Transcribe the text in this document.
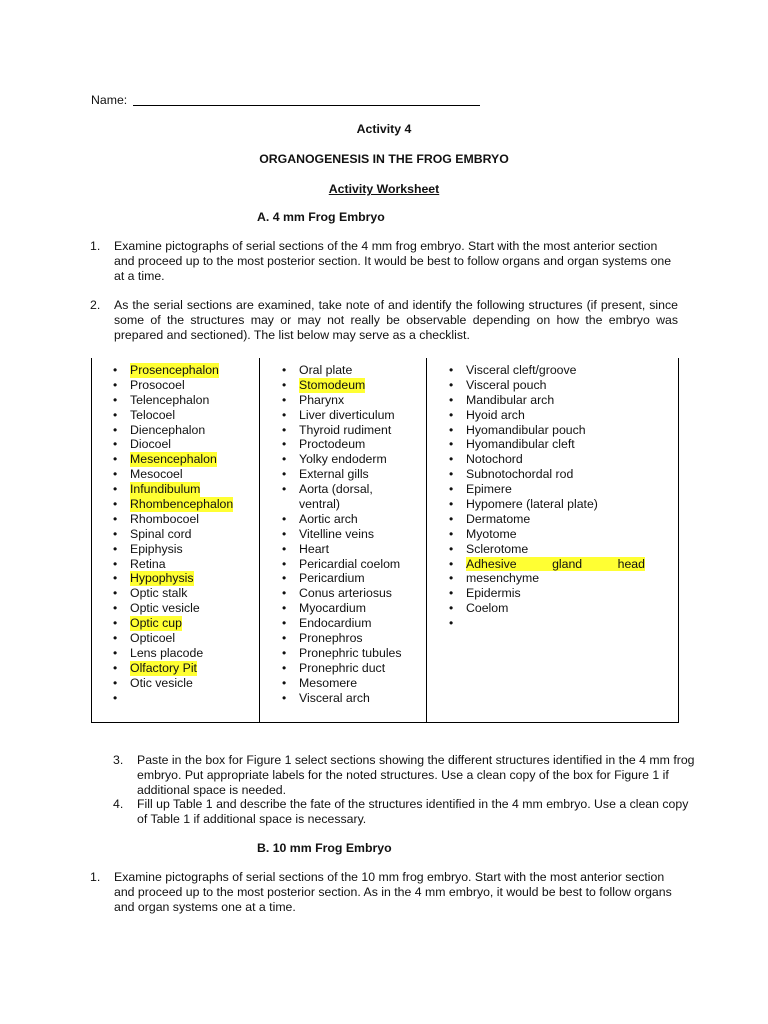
Name:
Activity 4
ORGANOGENESIS IN THE FROG EMBRYO
Activity Worksheet
A. 4 mm Frog Embryo
1. Examine pictographs of serial sections of the 4 mm frog embryo. Start with the most anterior section and proceed up to the most posterior section. It would be best to follow organs and organ systems one at a time.
2. As the serial sections are examined, take note of and identify the following structures (if present, since some of the structures may or may not really be observable depending on how the embryo was prepared and sectioned). The list below may serve as a checklist.
• Prosencephalon
• Prosocoel
• Telencephalon
• Telocoel
• Diencephalon
• Diocoel
• Mesencephalon
• Mesocoel
• Infundibulum
• Rhombencephalon
• Rhombocoel
• Spinal cord
• Epiphysis
• Retina
• Hypophysis
• Optic stalk
• Optic vesicle
• Optic cup
• Opticoel
• Lens placode
• Olfactory Pit
• Otic vesicle
•
• Oral plate
• Stomodeum
• Pharynx
• Liver diverticulum
• Thyroid rudiment
• Proctodeum
• Yolky endoderm
• External gills
• Aorta (dorsal,
ventral)
• Aortic arch
• Vitelline veins
• Heart
• Pericardial coelom
• Pericardium
• Conus arteriosus
• Myocardium
• Endocardium
• Pronephros
• Pronephric tubules
• Pronephric duct
• Mesomere
• Visceral arch
• Visceral cleft/groove
• Visceral pouch
• Mandibular arch
• Hyoid arch
• Hyomandibular pouch
• Hyomandibular cleft
• Notochord
• Subnotochordal rod
• Epimere
• Hypomere (lateral plate)
• Dermatome
• Myotome
• Sclerotome
• Adhesive	gland	head
• mesenchyme
• Epidermis
• Coelom
•
3. Paste in the box for Figure 1 select sections showing the different structures identified in the 4 mm frog embryo. Put appropriate labels for the noted structures. Use a clean copy of the box for Figure 1 if additional space is needed.
4. Fill up Table 1 and describe the fate of the structures identified in the 4 mm embryo. Use a clean copy of Table 1 if additional space is necessary.
B. 10 mm Frog Embryo
1. Examine pictographs of serial sections of the 10 mm frog embryo. Start with the most anterior section and proceed up to the most posterior section. As in the 4 mm embryo, it would be best to follow organs and organ systems one at a time.
